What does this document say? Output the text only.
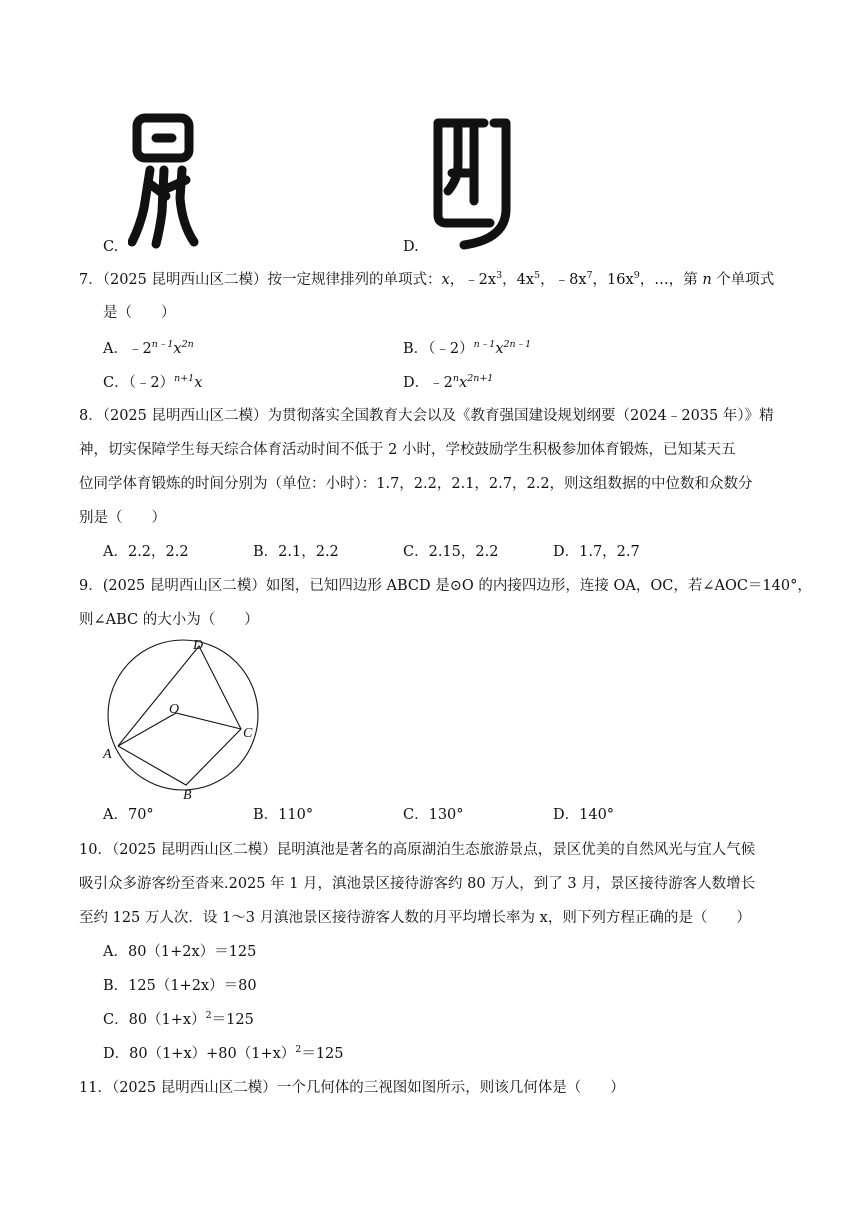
C.	D.
7．（2025 昆明西山区二模）按一定规律排列的单项式：x，$﹣2x^3$，$4x^5$，$﹣8x^7$，$16x^9$，…，第 n 个单项式
是（　　）
A．$﹣2^{n﹣1}x^{2n}$	B．$(﹣2)^{n﹣1}x^{2n﹣1}$
C．（﹣2）$^{n+1}$x	D．$﹣2^nx^{2n+1}$
8．（2025 昆明西山区二模）为贯彻落实全国教育大会以及《教育强国建设规划纲要（2024﹣2035 年）》精
神，切实保障学生每天综合体育活动时间不低于 2 小时，学校鼓励学生积极参加体育锻炼，已知某天五
位同学体育锻炼的时间分别为（单位：小时）：1.7，2.2，2.1，2.7，2.2，则这组数据的中位数和众数分
别是（　　）
A．2.2，2.2	B．2.1，2.2	C．2.15，2.2	D．1.7，2.7
9．(2025 昆明西山区二模）如图，已知四边形 ABCD 是⊙O 的内接四边形，连接 OA，OC，若∠AOC＝140°，
则∠ABC 的大小为（　　）
D
O
C
A
B
A．70°	B．110°	C．130°	D．140°
10．（2025 昆明西山区二模）昆明滇池是著名的高原湖泊生态旅游景点，景区优美的自然风光与宜人气候
吸引众多游客纷至沓来.2025 年 1 月，滇池景区接待游客约 80 万人，到了 3 月，景区接待游客人数增长
至约 125 万人次．设 1～3 月滇池景区接待游客人数的月平均增长率为 x，则下列方程正确的是（　　）
A．80（1+2x）＝125
B．125（1+2x）＝80
C．$80(1+x)^2=125$
D．$80(1+x)+80(1+x)^2=125$
11．（2025 昆明西山区二模）一个几何体的三视图如图所示，则该几何体是（　　）
